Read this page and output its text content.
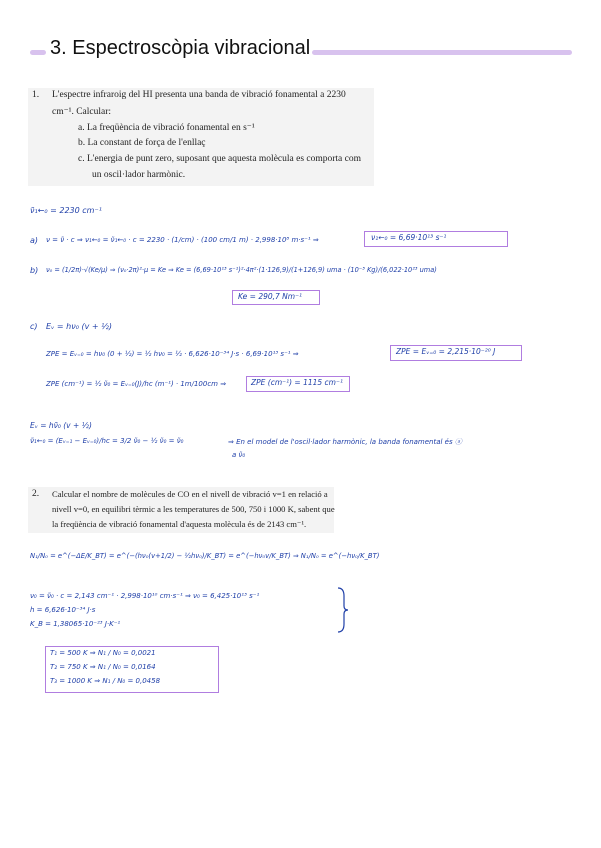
3. Espectroscòpia vibracional
1. L'espectre infraroig del HI presenta una banda de vibració fonamental a 2230
cm⁻¹. Calcular:
a. La freqüència de vibració fonamental en s⁻¹
b. La constant de força de l'enllaç
c. L'energia de punt zero, suposant que aquesta molècula es comporta com
un oscil·lador harmònic.
ν̃₁←₀ = 2230 cm⁻¹
a) ν = ν̃ · c ⇒ ν₁←₀ = ν̃₁←₀ · c = 2230 · (1/cm) · (100 cm/1 m) · 2,998·10⁸ m·s⁻¹ ⇒	ν₁←₀ = 6,69·10¹³ s⁻¹
b) ν₀ = (1/2π)·√(Ke/μ) ⇒ (ν₀·2π)²·μ = Ke ⇒ Ke = (6,69·10¹³ s⁻¹)²·4π²·(1·126,9)/(1+126,9) uma · (10⁻³ Kg)/(6,022·10²³ uma)
Ke = 290,7 Nm⁻¹
c) Eᵥ = hν₀ (v + ½)
ZPE = Eᵥ₌₀ = hν₀ (0 + ½) = ½ hν₀ = ½ · 6,626·10⁻³⁴ J·s · 6,69·10¹³ s⁻¹ ⇒	ZPE = Eᵥ₌₀ = 2,215·10⁻²⁰ J
ZPE (cm⁻¹) = ½ ν̃₀ = Eᵥ₌₀(J)/hc (m⁻¹) · 1m/100cm ⇒	ZPE (cm⁻¹) = 1115 cm⁻¹
Eᵥ = hν̃₀ (v + ½)
ν̃₁←₀ = (Eᵥ₌₁ − Eᵥ₌₀)/hc = 3/2 ν̃₀ − ½ ν̃₀ = ν̃₀	⇒ En el model de l'oscil·lador harmònic, la banda fonamental és ⓐ
a ν̃₀
2. Calcular el nombre de molècules de CO en el nivell de vibració v=1 en relació a
nivell v=0, en equilibri tèrmic a les temperatures de 500, 750 i 1000 K, sabent que
la freqüència de vibració fonamental d'aquesta molècula és de 2143 cm⁻¹.
N₁/N₀ = e^(−ΔE/K_BT) = e^(−(hν₀(v+1/2) − ½hν₀)/K_BT) = e^(−hν₀v/K_BT) ⇒ N₁/N₀ = e^(−hν₀/K_BT)
ν₀ = ν̃₀ · c = 2,143 cm⁻¹ · 2,998·10¹⁰ cm·s⁻¹ ⇒ ν₀ = 6,425·10¹³ s⁻¹
h = 6,626·10⁻³⁴ J·s
K_B = 1,38065·10⁻²³ J·K⁻¹
T₁ = 500 K ⇒ N₁ / N₀ = 0,0021
T₂ = 750 K ⇒ N₁ / N₀ = 0,0164
T₃ = 1000 K ⇒ N₁ / N₀ = 0,0458
